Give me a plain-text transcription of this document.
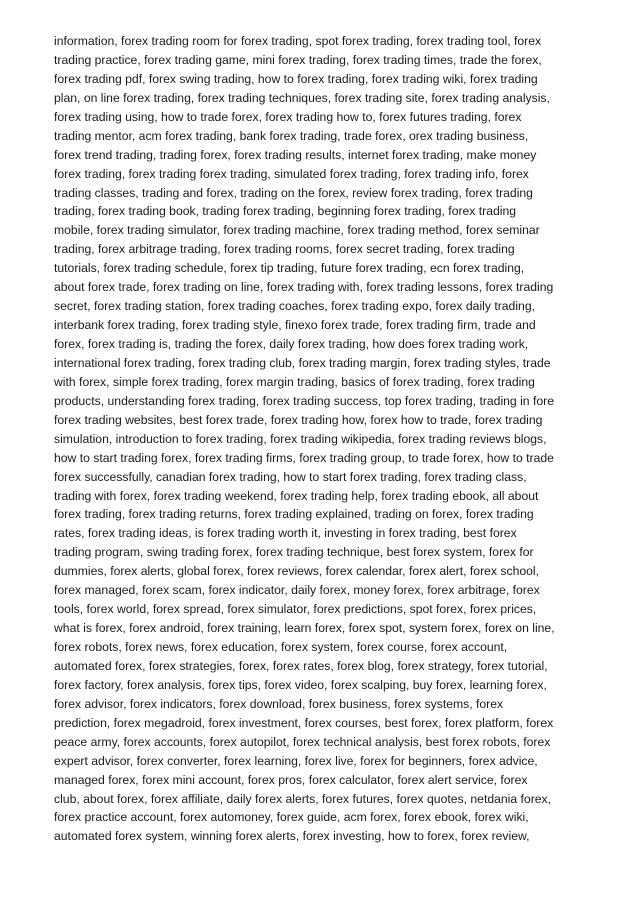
information, forex trading room for forex trading, spot forex trading, forex trading tool, forex
trading practice, forex trading game, mini forex trading, forex trading times, trade the forex,
forex trading pdf, forex swing trading, how to forex trading, forex trading wiki, forex trading
plan, on line forex trading, forex trading techniques, forex trading site, forex trading analysis,
forex trading using, how to trade forex, forex trading how to, forex futures trading, forex
trading mentor, acm forex trading, bank forex trading, trade forex, orex trading business,
forex trend trading, trading forex, forex trading results, internet forex trading, make money
forex trading, forex trading forex trading, simulated forex trading, forex trading info, forex
trading classes, trading and forex, trading on the forex, review forex trading, forex trading
trading, forex trading book, trading forex trading, beginning forex trading, forex trading
mobile, forex trading simulator, forex trading machine, forex trading method, forex seminar
trading, forex arbitrage trading, forex trading rooms, forex secret trading, forex trading
tutorials, forex trading schedule, forex tip trading, future forex trading, ecn forex trading,
about forex trade, forex trading on line, forex trading with, forex trading lessons, forex trading
secret, forex trading station, forex trading coaches, forex trading expo, forex daily trading,
interbank forex trading, forex trading style, finexo forex trade, forex trading firm, trade and
forex, forex trading is, trading the forex, daily forex trading, how does forex trading work,
international forex trading, forex trading club, forex trading margin, forex trading styles, trade
with forex, simple forex trading, forex margin trading, basics of forex trading, forex trading
products, understanding forex trading, forex trading success, top forex trading, trading in fore
forex trading websites, best forex trade, forex trading how, forex how to trade, forex trading
simulation, introduction to forex trading, forex trading wikipedia, forex trading reviews blogs,
how to start trading forex, forex trading firms, forex trading group, to trade forex, how to trade
forex successfully, canadian forex trading, how to start forex trading, forex trading class,
trading with forex, forex trading weekend, forex trading help, forex trading ebook, all about
forex trading, forex trading returns, forex trading explained, trading on forex, forex trading
rates, forex trading ideas, is forex trading worth it, investing in forex trading, best forex
trading program, swing trading forex, forex trading technique, best forex system, forex for
dummies, forex alerts, global forex, forex reviews, forex calendar, forex alert, forex school,
forex managed, forex scam, forex indicator, daily forex, money forex, forex arbitrage, forex
tools, forex world, forex spread, forex simulator, forex predictions, spot forex, forex prices,
what is forex, forex android, forex training, learn forex, forex spot, system forex, forex on line,
forex robots, forex news, forex education, forex system, forex course, forex account,
automated forex, forex strategies, forex, forex rates, forex blog, forex strategy, forex tutorial,
forex factory, forex analysis, forex tips, forex video, forex scalping, buy forex, learning forex,
forex advisor, forex indicators, forex download, forex business, forex systems, forex
prediction, forex megadroid, forex investment, forex courses, best forex, forex platform, forex
peace army, forex accounts, forex autopilot, forex technical analysis, best forex robots, forex
expert advisor, forex converter, forex learning, forex live, forex for beginners, forex advice,
managed forex, forex mini account, forex pros, forex calculator, forex alert service, forex
club, about forex, forex affiliate, daily forex alerts, forex futures, forex quotes, netdania forex,
forex practice account, forex automoney, forex guide, acm forex, forex ebook, forex wiki,
automated forex system, winning forex alerts, forex investing, how to forex, forex review,
